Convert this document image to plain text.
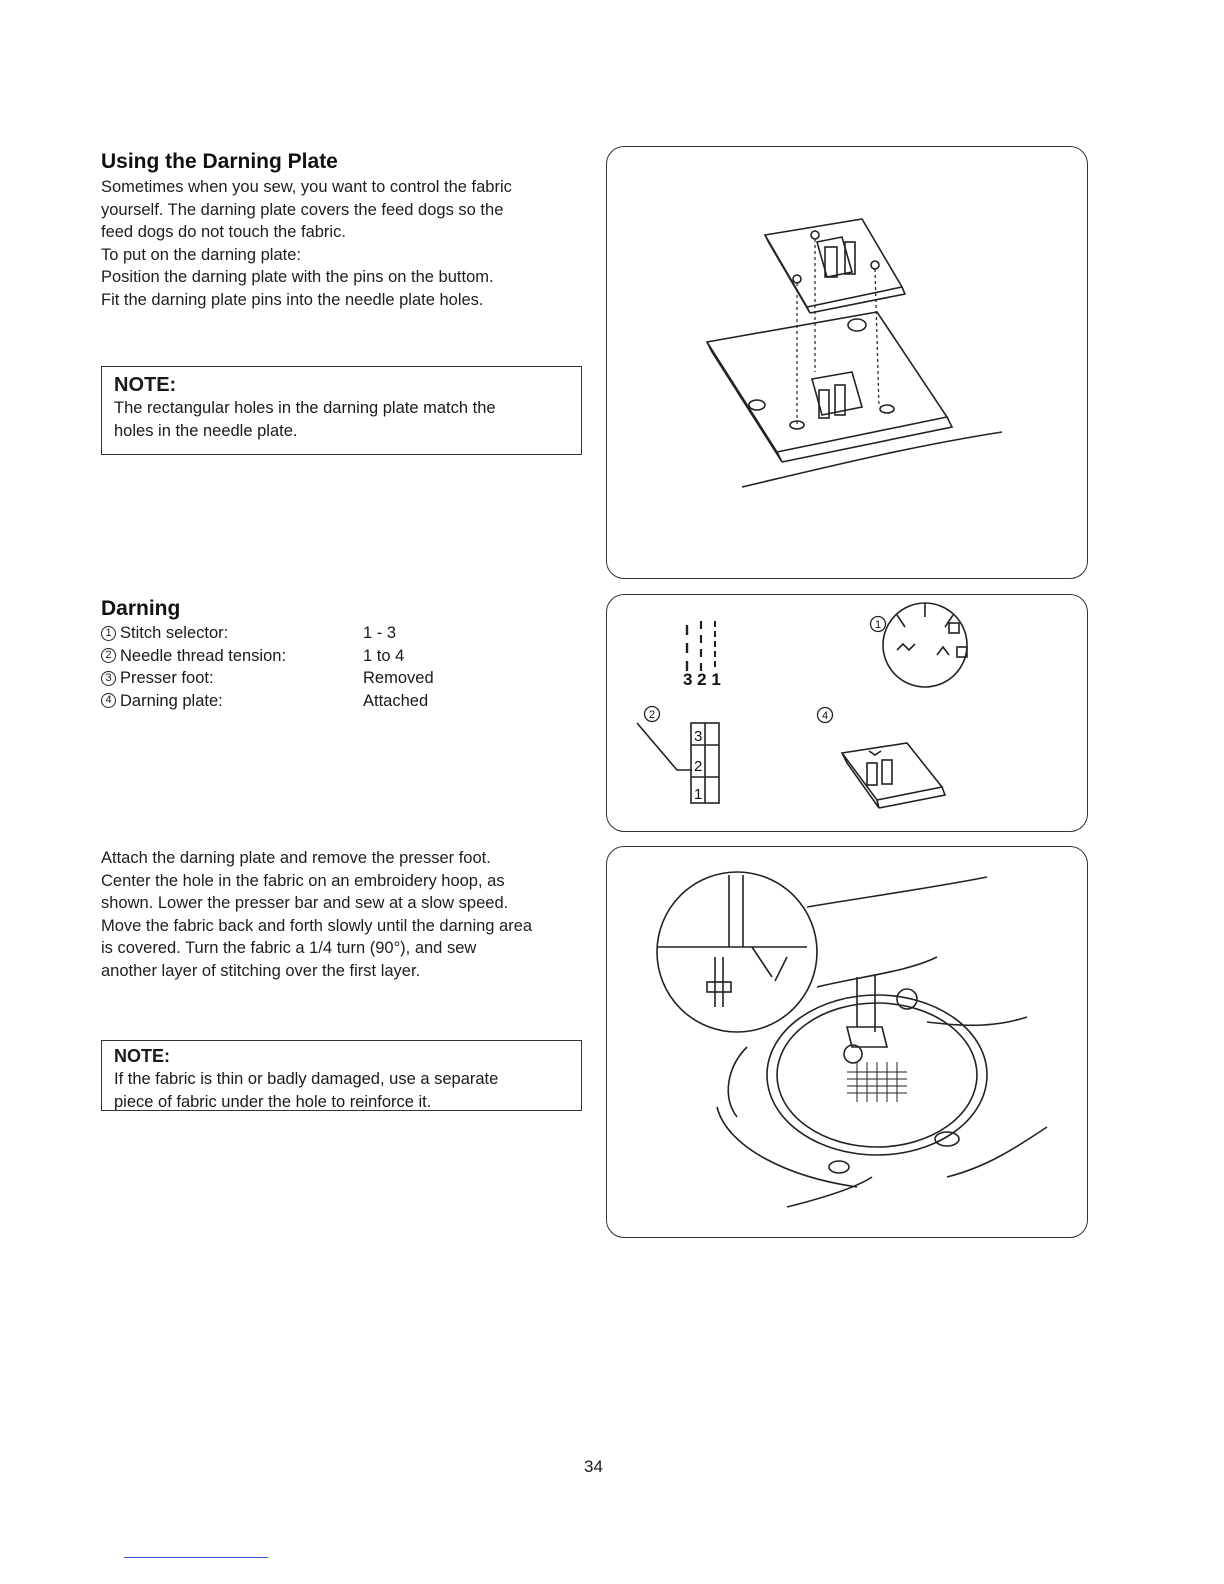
Using the Darning Plate

Sometimes when you sew, you want to control the fabric

yourself. The darning plate covers the feed dogs so the

feed dogs do not touch the fabric.

To put on the darning plate:

Position the darning plate with the pins on the buttom.

Fit the darning plate pins into the needle plate holes.

NOTE:
The rectangular holes in the darning plate match the
holes in the needle plate.
Darning
1 Stitch selector:	1 - 3
2 Needle thread tension:	1 to 4
3 Presser foot:	Removed
4 Darning plate:	Attached
3 2 1
3
2
1
1
2	4

Attach the darning plate and remove the presser foot.

Center the hole in the fabric on an embroidery hoop, as

shown. Lower the presser bar and sew at a slow speed.

Move the fabric back and forth slowly until the darning area

is covered. Turn the fabric a 1/4 turn (90°), and sew

another layer of stitching over the first layer.

NOTE:
If the fabric is thin or badly damaged, use a separate
piece of fabric under the hole to reinforce it.
34
